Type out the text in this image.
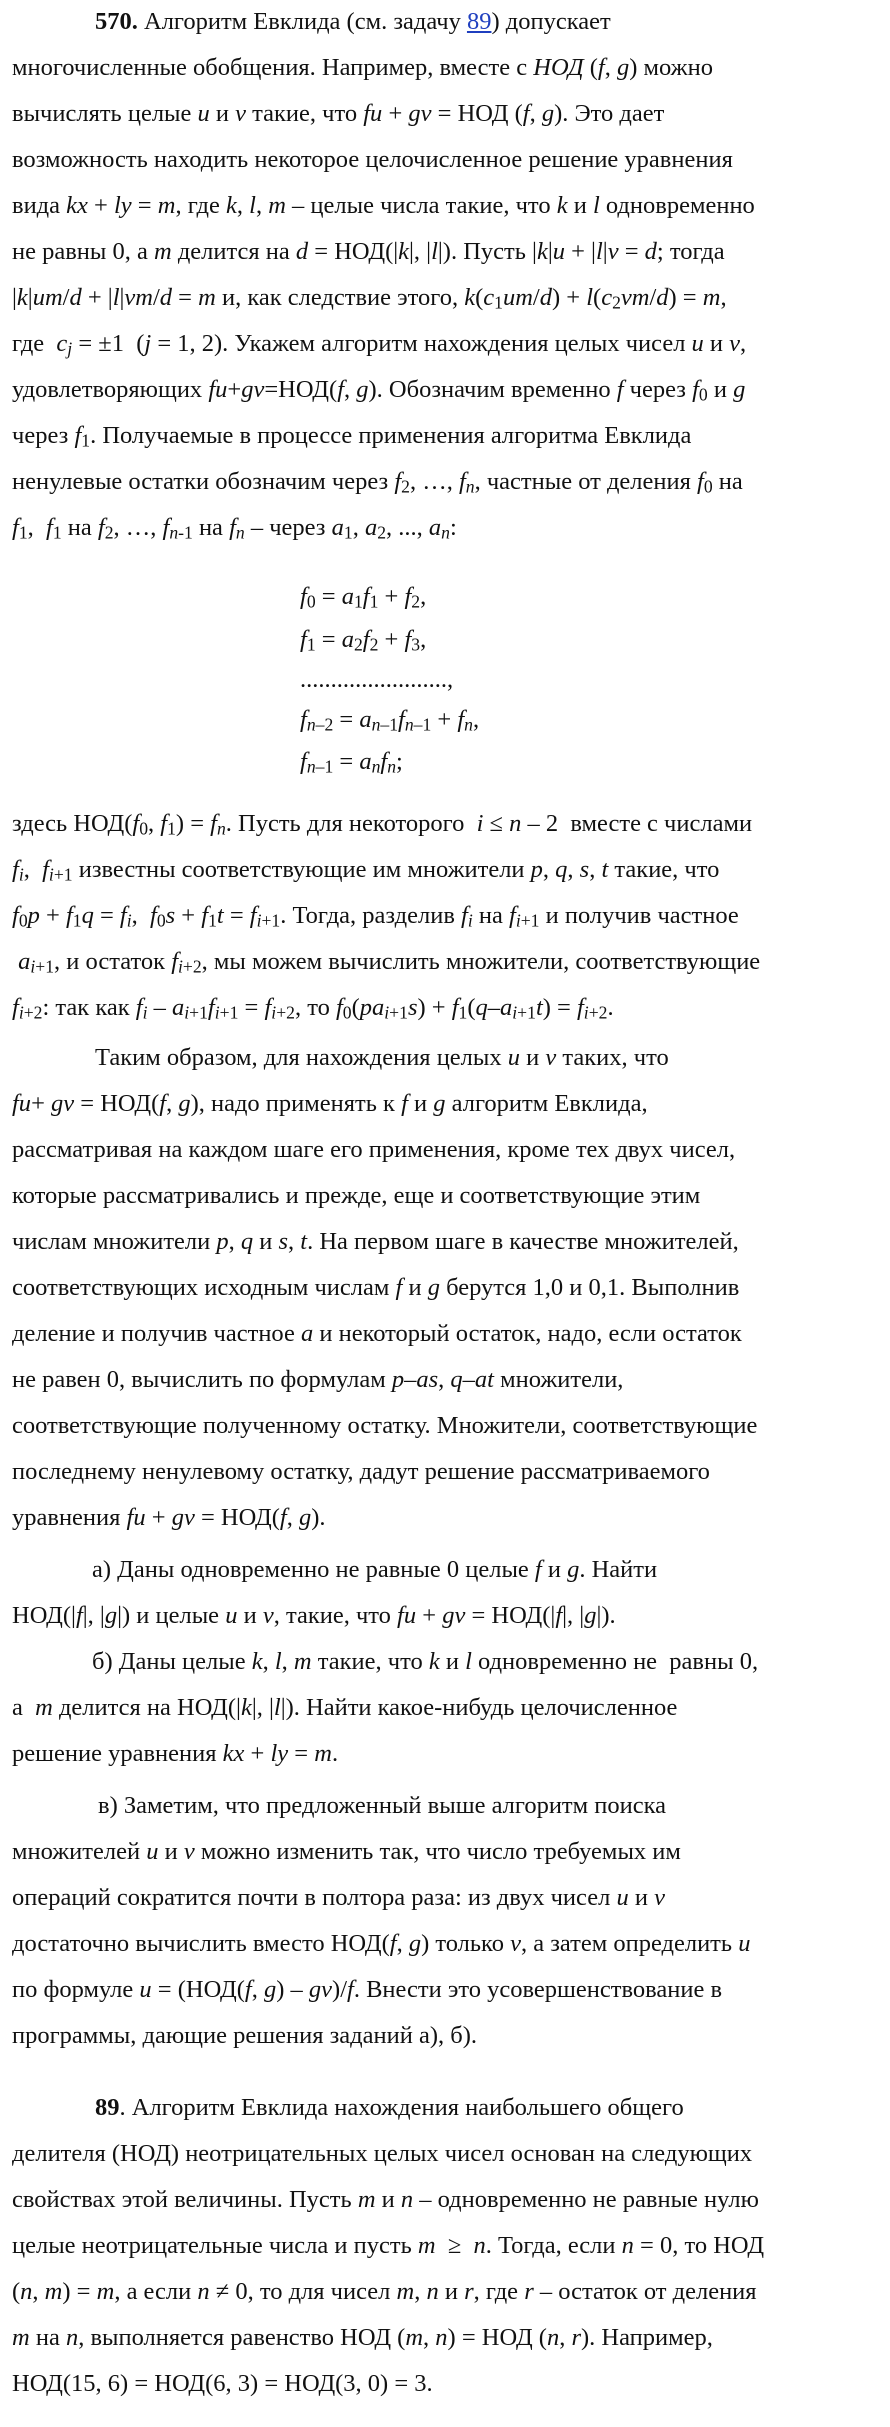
570. Алгоритм Евклида (см. задачу 89) допускает
многочисленные обобщения. Например, вместе с НОД (f, g) можно
вычислять целые u и v такие, что fu + gv = НОД (f, g). Это дает
возможность находить некоторое целочисленное решение уравнения
вида kx + ly = m, где k, l, m – целые числа такие, что k и l одновременно
не равны 0, а m делится на d = НОД(|k|, |l|). Пусть |k|u + |l|v = d; тогда
|k|um/d + |l|vm/d = m и, как следствие этого, $k(c_1um/d) + l(c_2vm/d) = m$,
где  $c_j = \pm 1$  (j = 1, 2). Укажем алгоритм нахождения целых чисел u и v,
удовлетворяющих fu+gv=НОД(f, g). Обозначим временно f через $f_0$ и g
через $f_1$. Получаемые в процессе применения алгоритма Евклида
ненулевые остатки обозначим через $f_2$, …, $f_n$, частные от деления $f_0$ на
$f_1$,  $f_1$ на $f_2$, …, $f_{n-1}$ на $f_n$ – через $a_1$, $a_2$, ..., $a_n$:
$f_0 = a_1f_1 + f_2$,
$f_1 = a_2f_2 + f_3$,
........................,
$f_{n-2} = a_{n-1}f_{n-1} + f_n$,
$f_{n-1} = a_nf_n$;
здесь $НОД(f_0$, $f_1) = f_n$. Пусть для некоторого  i ≤ n – 2  вместе с числами
$f_i$,  $f_{i+1}$ известны соответствующие им множители p, q, s, t такие, что
$f_0p + f_1q = f_i$,  $f_0s + f_1t = f_{i+1}$. Тогда, разделив $f_i$ на $f_{i+1}$ и получив частное
$a_{i+1}$, и остаток $f_{i+2}$, мы можем вычислить множители, соответствующие
$f_{i+2}$: так как $f_i - a_{i+1}f_{i+1} = f_{i+2}$, то $f_0(pa_{i+1}s) + f_1(q-a_{i+1}t) = f_{i+2}$.
Таким образом, для нахождения целых u и v таких, что
fu+ gv = НОД(f, g), надо применять к f и g алгоритм Евклида,
рассматривая на каждом шаге его применения, кроме тех двух чисел,
которые рассматривались и прежде, еще и соответствующие этим
числам множители p, q и s, t. На первом шаге в качестве множителей,
соответствующих исходным числам f и g берутся 1,0 и 0,1. Выполнив
деление и получив частное a и некоторый остаток, надо, если остаток
не равен 0, вычислить по формулам p–as, q–at множители,
соответствующие полученному остатку. Множители, соответствующие
последнему ненулевому остатку, дадут решение рассматриваемого
уравнения fu + gv = НОД(f, g).
а) Даны одновременно не равные 0 целые f и g. Найти
НОД(|f|, |g|) и целые u и v, такие, что fu + gv = НОД(|f|, |g|).
б) Даны целые k, l, m такие, что k и l одновременно не  равны 0,
а  m делится на НОД(|k|, |l|). Найти какое-нибудь целочисленное
решение уравнения kx + ly = m.
в) Заметим, что предложенный выше алгоритм поиска
множителей u и v можно изменить так, что число требуемых им
операций сократится почти в полтора раза: из двух чисел u и v
достаточно вычислить вместо НОД(f, g) только v, а затем определить u
по формуле u = (НОД(f, g) – gv)/f. Внести это усовершенствование в
программы, дающие решения заданий а), б).
89. Алгоритм Евклида нахождения наибольшего общего
делителя (НОД) неотрицательных целых чисел основан на следующих
свойствах этой величины. Пусть m и n – одновременно не равные нулю
целые неотрицательные числа и пусть m  ≥  n. Тогда, если n = 0, то НОД
(n, m) = m, а если n ≠ 0, то для чисел m, n и r, где r – остаток от деления
m на n, выполняется равенство НОД (m, n) = НОД (n, r). Например,
НОД(15, 6) = НОД(6, 3) = НОД(3, 0) = 3.
